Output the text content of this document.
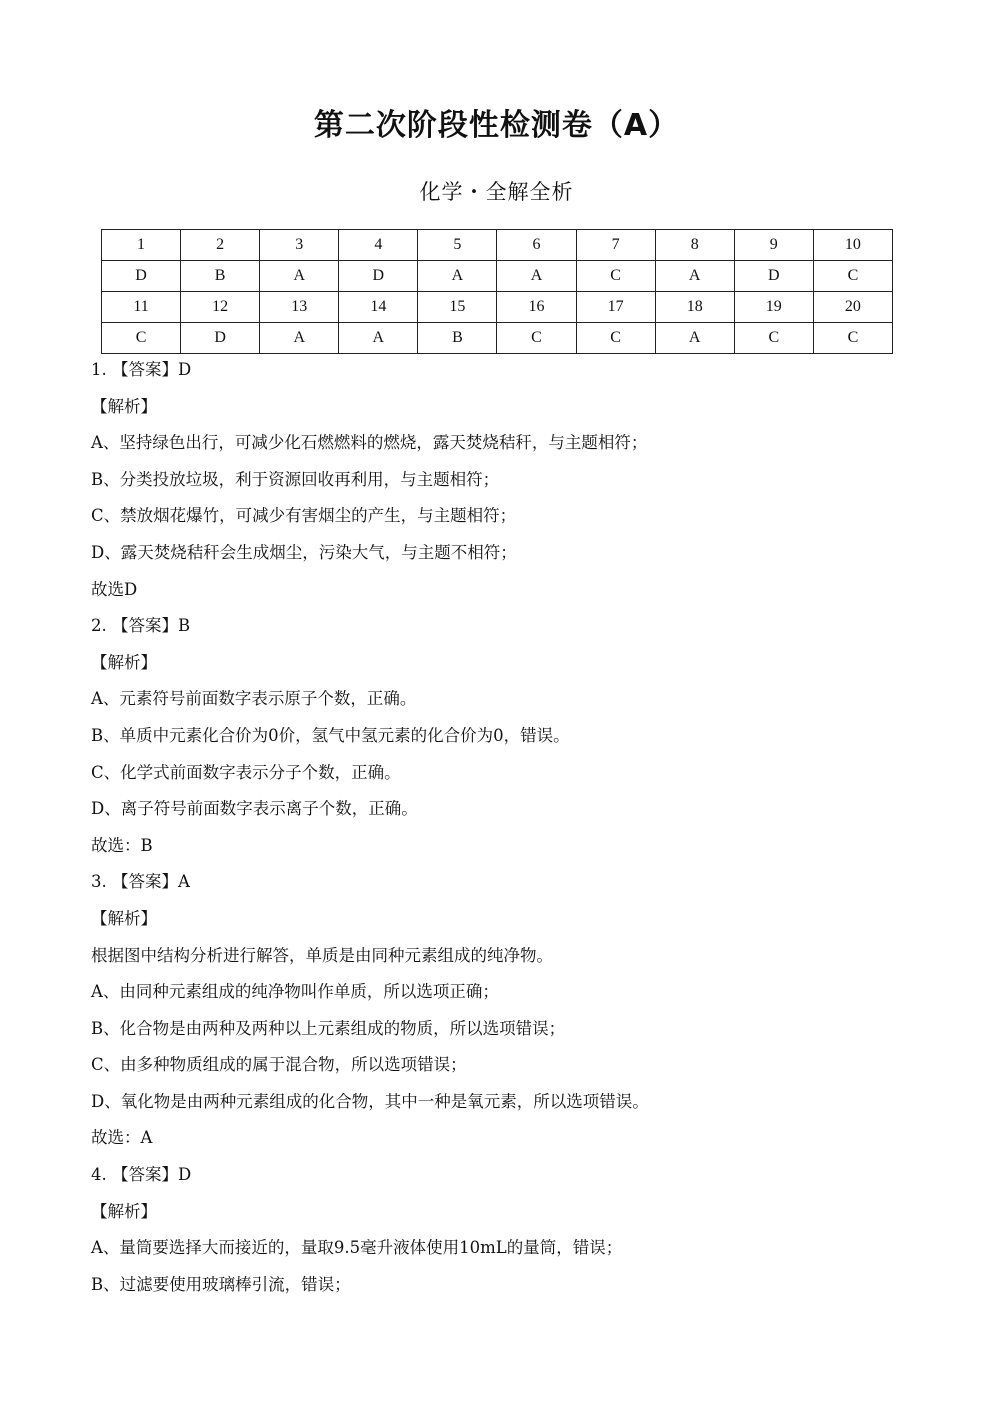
第二次阶段性检测卷（A）
化学・全解全析
1	2	3	4	5	6	7	8	9	10
D	B	A	D	A	A	C	A	D	C
11	12	13	14	15	16	17	18	19	20
C	D	A	A	B	C	C	A	C	C
1. 【答案】D
【解析】
A、坚持绿色出行，可减少化石燃燃料的燃烧，露天焚烧秸秆，与主题相符；
B、分类投放垃圾，利于资源回收再利用，与主题相符；
C、禁放烟花爆竹，可减少有害烟尘的产生，与主题相符；
D、露天焚烧秸秆会生成烟尘，污染大气，与主题不相符；
故选D
2. 【答案】B
【解析】
A、元素符号前面数字表示原子个数，正确。
B、单质中元素化合价为0价，氢气中氢元素的化合价为0，错误。
C、化学式前面数字表示分子个数，正确。
D、离子符号前面数字表示离子个数，正确。
故选：B
3. 【答案】A
【解析】
根据图中结构分析进行解答，单质是由同种元素组成的纯净物。
A、由同种元素组成的纯净物叫作单质，所以选项正确；
B、化合物是由两种及两种以上元素组成的物质，所以选项错误；
C、由多种物质组成的属于混合物，所以选项错误；
D、氧化物是由两种元素组成的化合物，其中一种是氧元素，所以选项错误。
故选：A
4. 【答案】D
【解析】
A、量筒要选择大而接近的，量取9.5毫升液体使用10mL的量筒，错误；
B、过滤要使用玻璃棒引流，错误；
